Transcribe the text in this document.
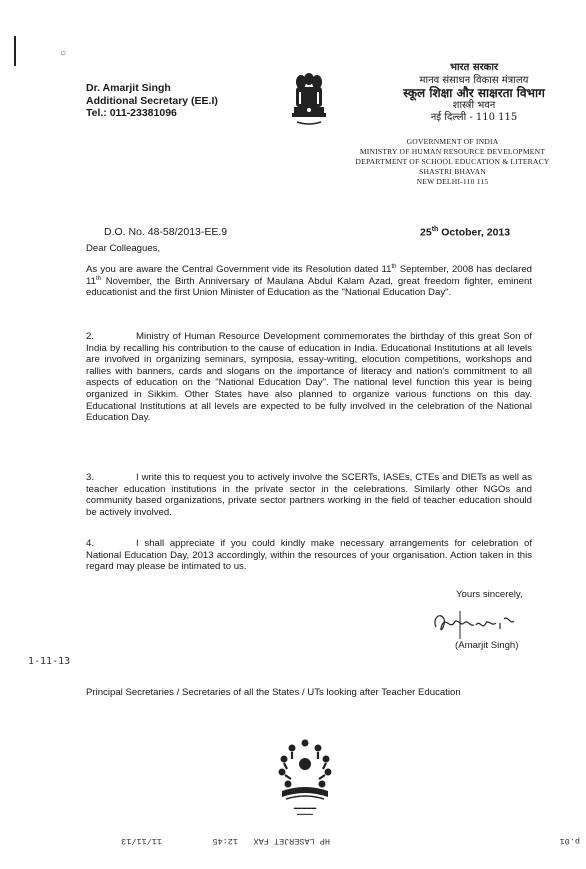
○
Dr. Amarjit Singh
Additional Secretary (EE.I)
Tel.: 011-23381096
भारत सरकार
मानव संसाधन विकास मंत्रालय
स्कूल शिक्षा और साक्षरता विभाग
शास्त्री भवन
नई दिल्ली - 110 115
GOVERNMENT OF INDIA
MINISTRY OF HUMAN RESOURCE DEVELOPMENT
DEPARTMENT OF SCHOOL EDUCATION & LITERACY
SHASTRI BHAVAN
NEW DELHI-110 115
D.O. No. 48-58/2013-EE.9	25th October, 2013
Dear Colleagues,
As you are aware the Central Government vide its Resolution dated 11th September, 2008 has declared 11th November, the Birth Anniversary of Maulana Abdul Kalam Azad, great freedom fighter, eminent educationist and the first Union Minister of Education as the "National Education Day".
2.	Ministry of Human Resource Development commemorates the birthday of this great Son of India by recalling his contribution to the cause of education in India. Educational Institutions at all levels are involved in organizing seminars, symposia, essay-writing, elocution competitions, workshops and rallies with banners, cards and slogans on the importance of literacy and nation's commitment to all aspects of education on the "National Education Day". The national level function this year is being organized in Sikkim. Other States have also planned to organize various functions on this day. Educational Institutions at all levels are expected to be fully involved in the celebration of the National Education Day.
3.	I write this to request you to actively involve the SCERTs, IASEs, CTEs and DIETs as well as teacher education institutions in the private sector in the celebrations. Similarly other NGOs and community based organizations, private sector partners working in the field of teacher education should be actively involved.
4.	I shall appreciate if you could kindly make necessary arrangements for celebration of National Education Day, 2013 accordingly, within the resources of your organisation. Action taken in this regard may please be intimated to us.
Yours sincerely,
(Amarjit Singh)
1-11-13
Principal Secretaries / Secretaries of all the States / UTs looking after Teacher Education
▬▬▬▬▬
▬▬▬▬
p.01
HP LASERJET FAX
12:45
11/11/13
